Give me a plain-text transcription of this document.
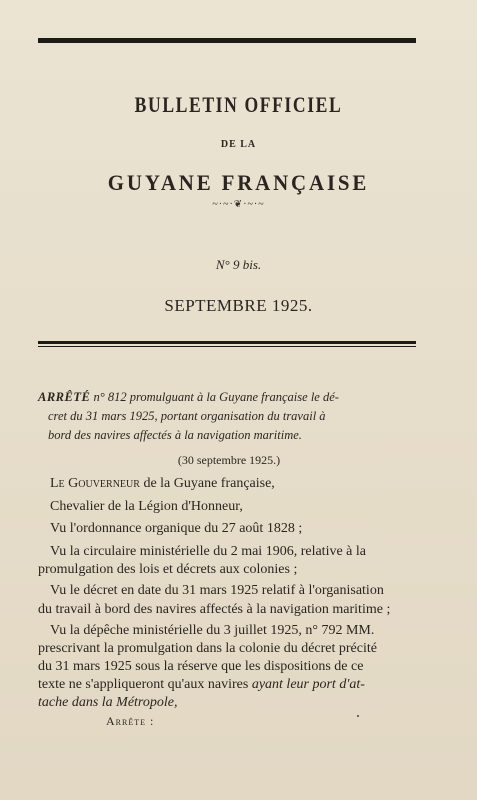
BULLETIN OFFICIEL
DE LA
GUYANE FRANÇAISE
~·~·❦·~·~
N° 9 bis.
SEPTEMBRE 1925.
ARRÊTÉ n° 812 promulguant à la Guyane française le dé-
cret du 31 mars 1925, portant organisation du travail à
bord des navires affectés à la navigation maritime.
(30 septembre 1925.)
Le Gouverneur de la Guyane française,
Chevalier de la Légion d'Honneur,
Vu l'ordonnance organique du 27 août 1828 ;
Vu la circulaire ministérielle du 2 mai 1906, relative à la
promulgation des lois et décrets aux colonies ;
Vu le décret en date du 31 mars 1925 relatif à l'organisation
du travail à bord des navires affectés à la navigation maritime ;
Vu la dépêche ministérielle du 3 juillet 1925, n° 792 MM.
prescrivant la promulgation dans la colonie du décret précité
du 31 mars 1925 sous la réserve que les dispositions de ce
texte ne s'appliqueront qu'aux navires ayant leur port d'at-
tache dans la Métropole,
Arrête :
